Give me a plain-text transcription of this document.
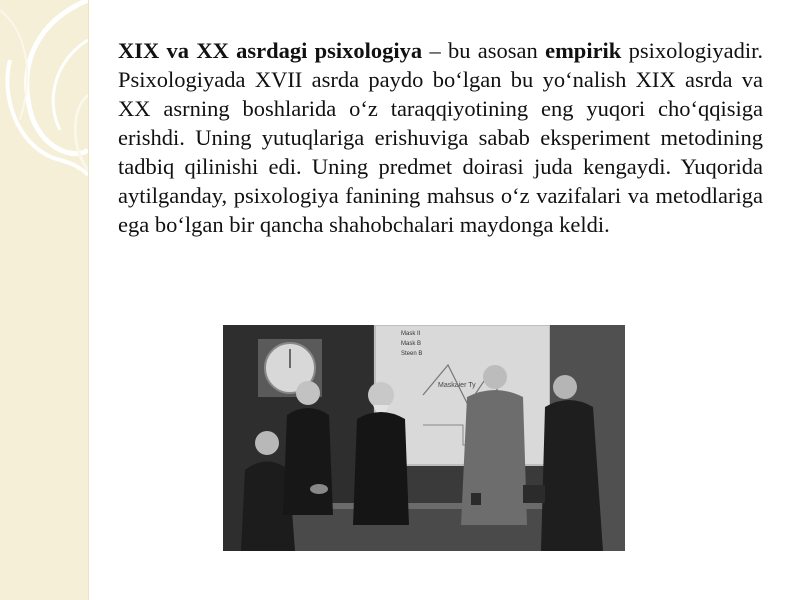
XIX va XX asrdagi psixologiya – bu asosan empirik psixologiyadir. Psixologiyada XVII asrda paydo bo‘lgan bu yo‘nalish XIX asrda va XX asrning boshlarida o‘z taraqqiyotining eng yuqori cho‘qqisiga erishdi. Uning yutuqlariga erishuviga sabab eksperiment metodining tadbiq qilinishi edi. Uning predmet doirasi juda kengaydi. Yuqorida aytilganday, psixologiya fanining mahsus o‘z vazifalari va metodlariga ega bo‘lgan bir qancha shahobchalari maydonga keldi.
Mask II
Mask B
Steen B
Maskaier Ty
